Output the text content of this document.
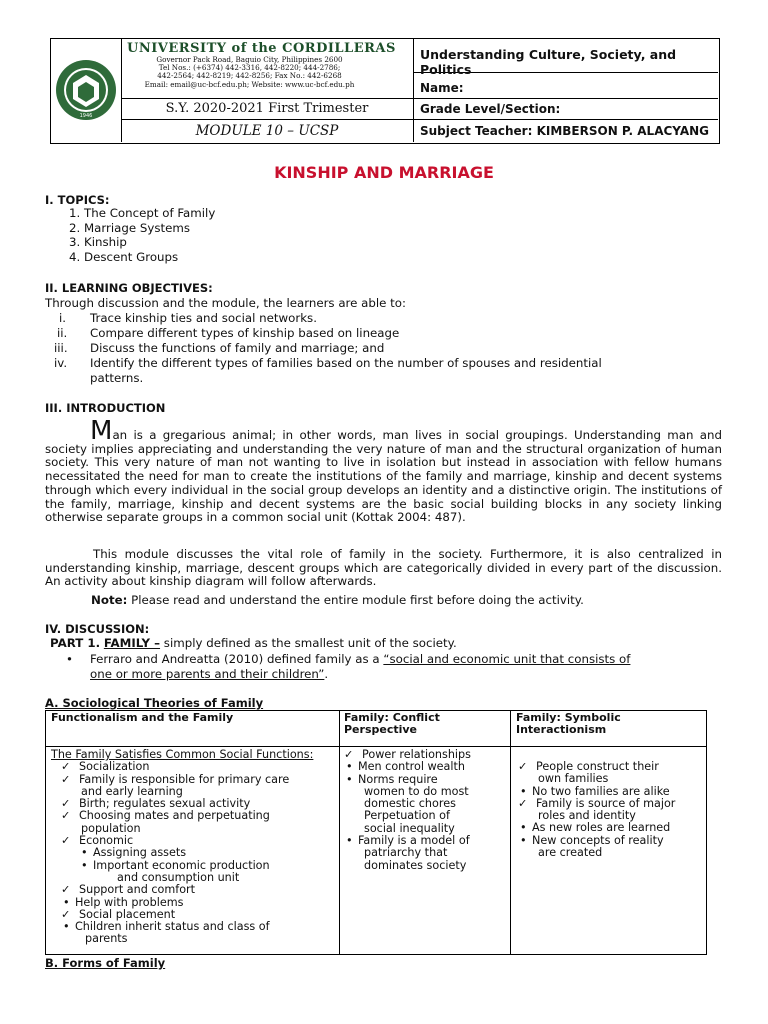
1946
UNIVERSITY of the CORDILLERAS
Governor Pack Road, Baguio City, Philippines 2600
Tel Nos.: (+6374) 442-3316, 442-8220; 444-2786;
442-2564; 442-8219; 442-8256; Fax No.: 442-6268
Email: email@uc-bcf.edu.ph; Website: www.uc-bcf.edu.ph
S.Y. 2020-2021 First Trimester
MODULE 10 – UCSP
Understanding Culture, Society, and Politics
Name:
Grade Level/Section:
Subject Teacher: KIMBERSON P. ALACYANG
KINSHIP AND MARRIAGE
I. TOPICS:
1. The Concept of Family
2. Marriage Systems
3. Kinship
4. Descent Groups
II. LEARNING OBJECTIVES:
Through discussion and the module, the learners are able to:
i. Trace kinship ties and social networks.
ii. Compare different types of kinship based on lineage
iii. Discuss the functions of family and marriage; and
iv. Identify the different types of families based on the number of spouses and residential
patterns.
III. INTRODUCTION
Man is a gregarious animal; in other words, man lives in social groupings. Understanding man and society implies appreciating and understanding the very nature of man and the structural organization of human society. This very nature of man not wanting to live in isolation but instead in association with fellow humans necessitated the need for man to create the institutions of the family and marriage, kinship and decent systems through which every individual in the social group develops an identity and a distinctive origin. The institutions of the family, marriage, kinship and decent systems are the basic social building blocks in any society linking otherwise separate groups in a common social unit (Kottak 2004: 487).
This module discusses the vital role of family in the society. Furthermore, it is also centralized in understanding kinship, marriage, descent groups which are categorically divided in every part of the discussion. An activity about kinship diagram will follow afterwards.
Note: Please read and understand the entire module first before doing the activity.
IV. DISCUSSION:
PART 1. FAMILY – simply defined as the smallest unit of the society.
•	Ferraro and Andreatta (2010) defined family as a “social and economic unit that consists of
one or more parents and their children”.
A. Sociological Theories of Family
Functionalism and the Family	Family: Conflict Perspective
Family: Symbolic Interactionism
The Family Satisfies Common Social Functions:
✓ Socialization
✓ Family is responsible for primary care
and early learning
✓ Birth; regulates sexual activity
✓ Choosing mates and perpetuating
population
✓ Economic
• Assigning assets
• Important economic production
and consumption unit
✓ Support and comfort
• Help with problems
✓ Social placement
• Children inherit status and class of
parents
✓ Power relationships
• Men control wealth
• Norms require
women to do most
domestic chores
Perpetuation of
social inequality
• Family is a model of
patriarchy that
dominates society
✓ People construct their
own families
• No two families are alike
✓ Family is source of major
roles and identity
• As new roles are learned
• New concepts of reality
are created
B. Forms of Family
